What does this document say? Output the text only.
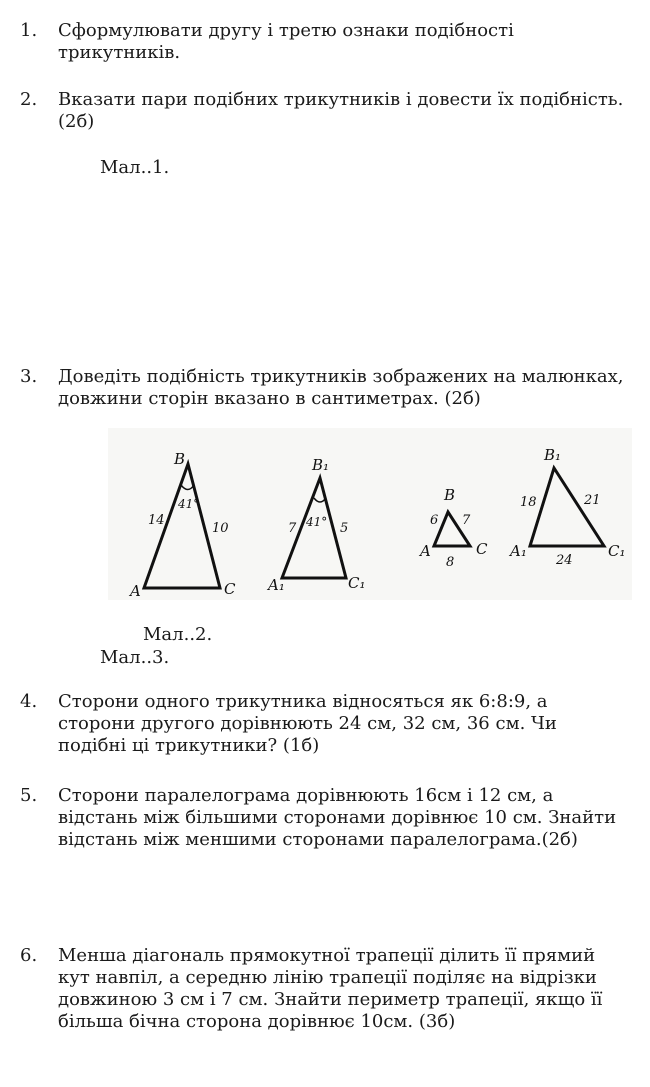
1.	Сформулювати другу і третю ознаки подібності трикутників.
2.	Вказати пари подібних трикутників і довести їх подібність.(2б)
Мал..1.
3.	Доведіть подібність трикутників зображених на малюнках, довжини сторін вказано в сантиметрах. (2б)
B
A	C
41°
14
10
B₁
A₁	C₁
41°
7	5
B
A	C
6 7
8
B₁
A₁	C₁
18	21
24
Мал..2.
Мал..3.
4.	Сторони одного трикутника відносяться як 6:8:9, а сторони другого дорівнюють 24 см, 32 см, 36 см. Чи подібні ці трикутники? (1б)
5.	Сторони паралелограма дорівнюють 16см і 12 см, а відстань між більшими сторонами дорівнює 10 см. Знайти відстань між меншими сторонами паралелограма.(2б)
6.	Менша діагональ прямокутної трапеції ділить її прямий кут навпіл, а середню лінію трапеції поділяє на відрізки довжиною 3 см і 7 см. Знайти периметр трапеції, якщо її більша бічна сторона дорівнює 10см. (3б)
